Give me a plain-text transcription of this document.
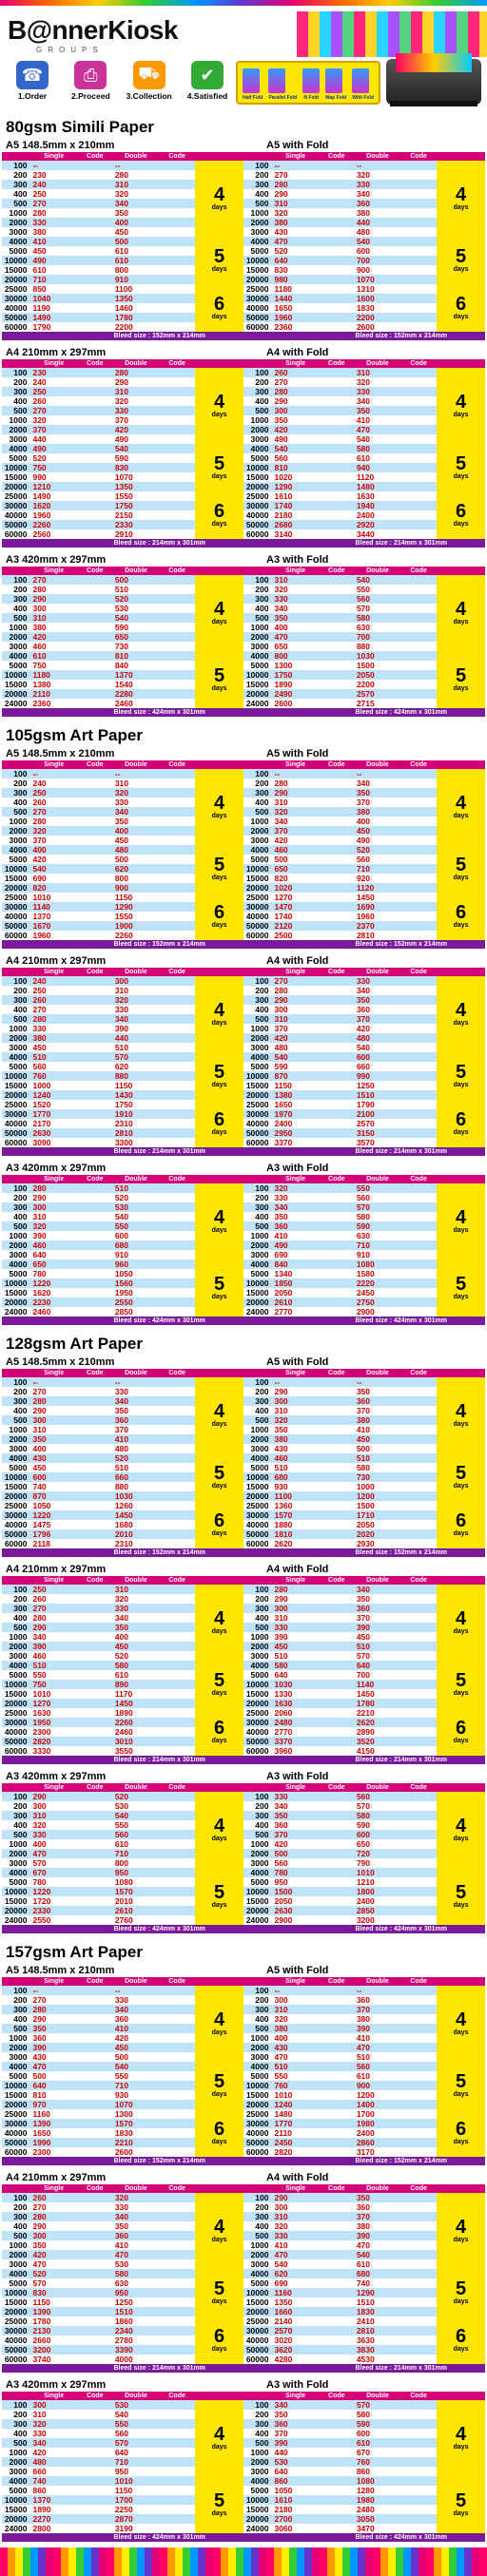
B@nnerKiosk
GROUPS
☎
1.Order
⎙
2.Proceed
⛟
3.Collection
✔
4.Satisfied	Half Fold Parallel Fold N Fold Map Fold With Fold
80gsm Simili Paper
A5 148.5mm x 210mm
	Single	Code	Double	Code	
100	--		--		4
days

200	230		280		
300	240		310		
400	250		320		
500	270		340		
1000	280		350		
2000	330		400		
3000	380		450		
4000	410		500		5
days

5000	450		610		
10000	490		610		
15000	610		800		
20000	710		910		
25000	850		1100		6
days

30000	1040		1350		
40000	1190		1460		
50000	1490		1780		
60000	1790		2200		
Bleed size : 152mm x 214mm
A5 with Fold
	Single	Code	Double	Code	
100	--		--		4
days

200	270		320		
300	280		330		
400	290		340		
500	310		360		
1000	320		380		
2000	380		440		
3000	430		480		
4000	470		540		5
days

5000	520		600		
10000	640		700		
15000	830		900		
20000	980		1070		
25000	1180		1310		6
days

30000	1440		1600		
40000	1650		1830		
50000	1960		2200		
60000	2360		2600		
Bleed size : 152mm x 214mm
A4 210mm x 297mm
	Single	Code	Double	Code	
100	230		280		4
days

200	240		290		
300	250		310		
400	260		320		
500	270		330		
1000	320		370		
2000	370		420		
3000	440		490		
4000	490		540		5
days

5000	520		590		
10000	750		830		
15000	990		1070		
20000	1210		1350		
25000	1490		1550		6
days

30000	1620		1750		
40000	1960		2150		
50000	2260		2330		
60000	2560		2910		
Bleed size : 214mm x 301mm
A4 with Fold
	Single	Code	Double	Code	
100	260		310		4
days

200	270		320		
300	280		330		
400	290		340		
500	300		350		
1000	350		410		
2000	420		470		
3000	490		540		
4000	540		580		5
days

5000	560		610		
10000	810		940		
15000	1020		1120		
20000	1290		1480		
25000	1610		1630		6
days

30000	1740		1940		
40000	2180		2400		
50000	2680		2920		
60000	3140		3440		
Bleed size : 214mm x 301mm
A3 420mm x 297mm
	Single	Code	Double	Code	
100	270		500		4
days

200	280		510		
300	290		520		
400	300		530		
500	310		540		
1000	380		590		
2000	420		650		
3000	460		730		
4000	610		810		5
days

5000	750		840		
10000	1180		1370		
15000	1380		1540		
20000	2110		2280		
24000	2360		2460		
Bleed size : 424mm x 301mm
A3 with Fold
	Single	Code	Double	Code	
100	310		540		4
days

200	320		550		
300	330		560		
400	340		570		
500	350		580		
1000	400		630		
2000	470		700		
3000	650		880		
4000	800		1030		5
days

5000	1300		1500		
10000	1750		2050		
15000	1890		2200		
20000	2490		2570		
24000	2600		2715		
Bleed size : 424mm x 301mm
105gsm Art Paper
A5 148.5mm x 210mm
	Single	Code	Double	Code	
100	--		--		4
days

200	240		310		
300	250		320		
400	260		330		
500	270		340		
1000	280		350		
2000	320		400		
3000	370		450		
4000	400		480		5
days

5000	420		500		
10000	540		620		
15000	690		800		
20000	820		900		
25000	1010		1150		6
days

30000	1140		1290		
40000	1370		1550		
50000	1670		1900		
60000	1960		2260		
Bleed size : 152mm x 214mm
A5 with Fold
	Single	Code	Double	Code	
100	--		--		4
days

200	280		340		
300	290		350		
400	310		370		
500	320		380		
1000	340		400		
2000	370		450		
3000	420		490		
4000	460		520		5
days

5000	500		560		
10000	650		710		
15000	820		920		
20000	1020		1120		
25000	1270		1450		6
days

30000	1470		1690		
40000	1740		1960		
50000	2120		2370		
60000	2500		2810		
Bleed size : 152mm x 214mm
A4 210mm x 297mm
	Single	Code	Double	Code	
100	240		300		4
days

200	250		310		
300	260		320		
400	270		330		
500	280		340		
1000	330		390		
2000	380		440		
3000	450		510		
4000	510		570		5
days

5000	560		620		
10000	760		880		
15000	1000		1150		
20000	1240		1430		
25000	1520		1750		6
days

30000	1770		1910		
40000	2170		2310		
50000	2630		2810		
60000	3090		3300		
Bleed size : 214mm x 301mm
A4 with Fold
	Single	Code	Double	Code	
100	270		330		4
days

200	280		340		
300	290		350		
400	300		360		
500	310		370		
1000	370		420		
2000	420		480		
3000	480		540		
4000	540		600		5
days

5000	590		660		
10000	870		990		
15000	1150		1250		
20000	1380		1510		
25000	1650		1790		6
days

30000	1970		2100		
40000	2400		2570		
50000	2950		3150		
60000	3370		3570		
Bleed size : 214mm x 301mm
A3 420mm x 297mm
	Single	Code	Double	Code	
100	280		510		4
days

200	290		520		
300	300		530		
400	310		540		
500	320		550		
1000	390		600		
2000	460		680		
3000	640		910		
4000	650		960		5
days

5000	780		1050		
10000	1220		1560		
15000	1620		1950		
20000	2230		2550		
24000	2460		2850		
Bleed size : 424mm x 301mm
A3 with Fold
	Single	Code	Double	Code	
100	320		550		4
days

200	330		560		
300	340		570		
400	350		580		
500	360		590		
1000	410		630		
2000	490		710		
3000	690		910		
4000	840		1080		5
days

5000	1340		1580		
10000	1850		2220		
15000	2050		2450		
20000	2610		2750		
24000	2770		2900		
Bleed size : 424mm x 301mm
128gsm Art Paper
A5 148.5mm x 210mm
	Single	Code	Double	Code	
100	--		--		4
days

200	270		330		
300	280		340		
400	290		350		
500	300		360		
1000	310		370		
2000	350		410		
3000	400		480		
4000	430		520		5
days

5000	450		510		
10000	600		660		
15000	740		880		
20000	870		1030		
25000	1050		1260		6
days

30000	1220		1450		
40000	1475		1680		
50000	1796		2010		
60000	2118		2310		
Bleed size : 152mm x 214mm
A5 with Fold
	Single	Code	Double	Code	
100	--		--		4
days

200	290		350		
300	300		360		
400	310		370		
500	320		380		
1000	350		410		
2000	380		450		
3000	430		500		
4000	460		510		5
days

5000	510		580		
10000	680		730		
15000	930		1000		
20000	1100		1200		
25000	1360		1500		6
days

30000	1570		1710		
40000	1880		2050		
50000	1810		2020		
60000	2620		2930		
Bleed size : 152mm x 214mm
A4 210mm x 297mm
	Single	Code	Double	Code	
100	250		310		4
days

200	260		320		
300	270		330		
400	280		340		
500	290		350		
1000	340		400		
2000	390		450		
3000	460		520		
4000	510		580		5
days

5000	550		610		
10000	750		890		
15000	1010		1170		
20000	1270		1450		
25000	1630		1890		6
days

30000	1950		2260		
40000	2300		2460		
50000	2820		3010		
60000	3330		3550		
Bleed size : 214mm x 301mm
A4 with Fold
	Single	Code	Double	Code	
100	280		340		4
days

200	290		350		
300	300		360		
400	310		370		
500	330		390		
1000	390		450		
2000	450		510		
3000	510		570		
4000	580		640		5
days

5000	640		700		
10000	1030		1140		
15000	1330		1450		
20000	1630		1780		
25000	2060		2210		6
days

30000	2480		2620		
40000	2770		2890		
50000	3370		3520		
60000	3960		4150		
Bleed size : 214mm x 301mm
A3 420mm x 297mm
	Single	Code	Double	Code	
100	290		520		4
days

200	300		530		
300	310		540		
400	320		550		
500	330		560		
1000	400		610		
2000	470		710		
3000	570		800		
4000	670		950		5
days

5000	780		1080		
10000	1220		1570		
15000	1720		2010		
20000	2330		2610		
24000	2550		2760		
Bleed size : 424mm x 301mm
A3 with Fold
	Single	Code	Double	Code	
100	330		560		4
days

200	340		570		
300	350		580		
400	360		590		
500	370		600		
1000	420		650		
2000	500		720		
3000	560		790		
4000	780		1010		5
days

5000	950		1210		
10000	1500		1800		
15000	2050		2400		
20000	2630		2850		
24000	2900		3200		
Bleed size : 424mm x 301mm
157gsm Art Paper
A5 148.5mm x 210mm
	Single	Code	Double	Code	
100	--		--		4
days

200	270		330		
300	280		340		
400	290		360		
500	350		410		
1000	360		420		
2000	390		450		
3000	430		500		
4000	470		540		5
days

5000	500		550		
10000	640		710		
15000	810		930		
20000	970		1070		
25000	1160		1300		6
days

30000	1390		1570		
40000	1650		1830		
50000	1990		2210		
60000	2300		2600		
Bleed size : 152mm x 214mm
A5 with Fold
	Single	Code	Double	Code	
100	--		--		4
days

200	300		360		
300	310		370		
400	320		380		
500	380		390		
1000	400		410		
2000	430		470		
3000	470		510		
4000	510		560		5
days

5000	550		610		
10000	760		900		
15000	1010		1200		
20000	1240		1400		
25000	1480		1700		6
days

30000	1770		1980		
40000	2110		2400		
50000	2450		2860		
60000	2820		3170		
Bleed size : 152mm x 214mm
A4 210mm x 297mm
	Single	Code	Double	Code	
100	260		320		4
days

200	270		330		
300	280		340		
400	290		350		
500	300		360		
1000	350		410		
2000	420		470		
3000	470		530		
4000	520		580		5
days

5000	570		630		
10000	830		950		
15000	1150		1250		
20000	1390		1510		
25000	1780		1860		6
days

30000	2130		2340		
40000	2660		2780		
50000	3200		3390		
60000	3740		4000		
Bleed size : 214mm x 301mm
A4 with Fold
	Single	Code	Double	Code	
100	290		350		4
days

200	300		360		
300	310		370		
400	320		380		
500	330		390		
1000	410		470		
2000	470		540		
3000	540		610		
4000	620		680		5
days

5000	690		740		
10000	1160		1290		
15000	1350		1510		
20000	1660		1830		
25000	2140		2410		6
days

30000	2570		2810		
40000	3020		3630		
50000	3620		3830		
60000	4280		4530		
Bleed size : 214mm x 301mm
A3 420mm x 297mm
	Single	Code	Double	Code	
100	300		530		4
days

200	310		540		
300	320		550		
400	330		560		
500	340		570		
1000	420		640		
2000	480		710		
3000	660		950		
4000	740		1010		5
days

5000	860		1150		
10000	1370		1700		
15000	1890		2250		
20000	2270		2870		
24000	2800		3190		
Bleed size : 424mm x 301mm
A3 with Fold
	Single	Code	Double	Code	
100	340		570		4
days

200	350		580		
300	360		590		
400	370		600		
500	390		610		
1000	440		670		
2000	530		760		
3000	640		860		
4000	860		1080		5
days

5000	1050		1280		
10000	1610		1980		
15000	2180		2480		
20000	2700		3050		
24000	3060		3470		
Bleed size : 424mm x 301mm
